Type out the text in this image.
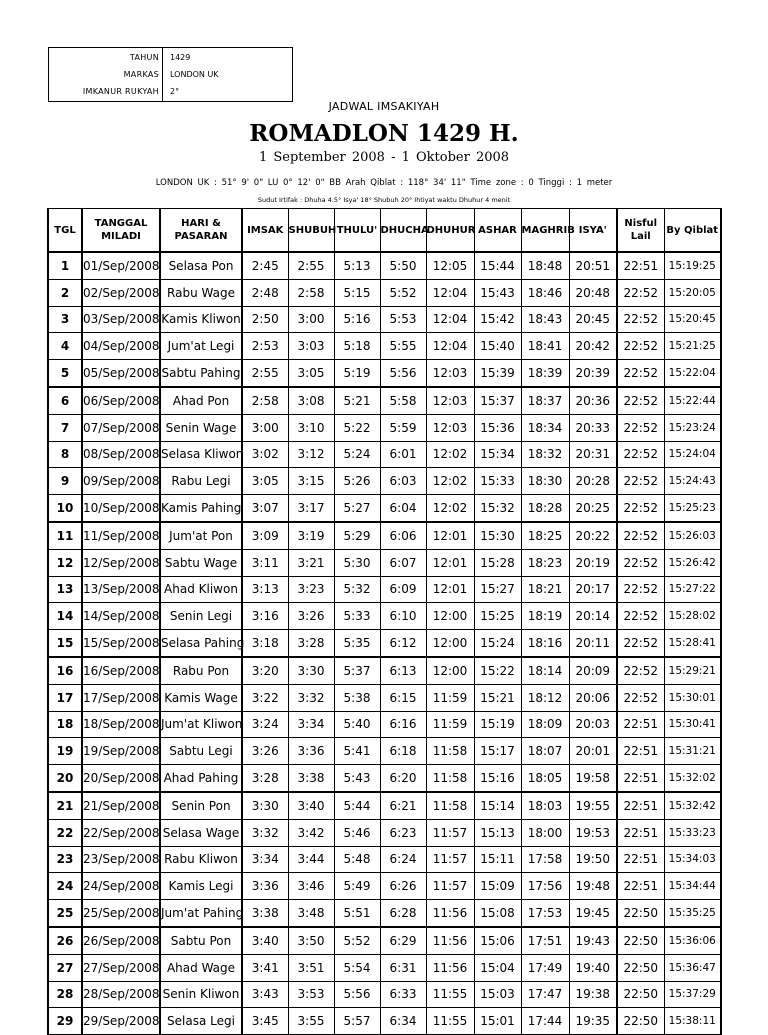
TAHUN 1429
MARKAS LONDON UK
IMKANUR RUKYAH 2°
JADWAL IMSAKIYAH
ROMADLON 1429 H.
1 September 2008 - 1 Oktober 2008
LONDON UK : 51° 9' 0" LU 0° 12' 0" BB Arah Qiblat : 118° 34' 11" Time zone : 0 Tinggi : 1 meter
Sudut Irtifak : Dhuha 4.5° Isya' 18° Shubuh 20° Ihtiyat waktu Dhuhur 4 menit
TGL	TANGGAL MILADI	HARI & PASARAN	IMSAK	SHUBUH	THULU'	DHUCHA	DHUHUR	ASHAR	MAGHRIB	ISYA'	Nisful Lail	By Qiblat
1	01/Sep/2008	Selasa Pon	2:45	2:55	5:13	5:50	12:05	15:44	18:48	20:51	22:51	15:19:25
2	02/Sep/2008	Rabu Wage	2:48	2:58	5:15	5:52	12:04	15:43	18:46	20:48	22:52	15:20:05
3	03/Sep/2008	Kamis Kliwon	2:50	3:00	5:16	5:53	12:04	15:42	18:43	20:45	22:52	15:20:45
4	04/Sep/2008	Jum'at Legi	2:53	3:03	5:18	5:55	12:04	15:40	18:41	20:42	22:52	15:21:25
5	05/Sep/2008	Sabtu Pahing	2:55	3:05	5:19	5:56	12:03	15:39	18:39	20:39	22:52	15:22:04
6	06/Sep/2008	Ahad Pon	2:58	3:08	5:21	5:58	12:03	15:37	18:37	20:36	22:52	15:22:44
7	07/Sep/2008	Senin Wage	3:00	3:10	5:22	5:59	12:03	15:36	18:34	20:33	22:52	15:23:24
8	08/Sep/2008	Selasa Kliwon	3:02	3:12	5:24	6:01	12:02	15:34	18:32	20:31	22:52	15:24:04
9	09/Sep/2008	Rabu Legi	3:05	3:15	5:26	6:03	12:02	15:33	18:30	20:28	22:52	15:24:43
10	10/Sep/2008	Kamis Pahing	3:07	3:17	5:27	6:04	12:02	15:32	18:28	20:25	22:52	15:25:23
11	11/Sep/2008	Jum'at Pon	3:09	3:19	5:29	6:06	12:01	15:30	18:25	20:22	22:52	15:26:03
12	12/Sep/2008	Sabtu Wage	3:11	3:21	5:30	6:07	12:01	15:28	18:23	20:19	22:52	15:26:42
13	13/Sep/2008	Ahad Kliwon	3:13	3:23	5:32	6:09	12:01	15:27	18:21	20:17	22:52	15:27:22
14	14/Sep/2008	Senin Legi	3:16	3:26	5:33	6:10	12:00	15:25	18:19	20:14	22:52	15:28:02
15	15/Sep/2008	Selasa Pahing	3:18	3:28	5:35	6:12	12:00	15:24	18:16	20:11	22:52	15:28:41
16	16/Sep/2008	Rabu Pon	3:20	3:30	5:37	6:13	12:00	15:22	18:14	20:09	22:52	15:29:21
17	17/Sep/2008	Kamis Wage	3:22	3:32	5:38	6:15	11:59	15:21	18:12	20:06	22:52	15:30:01
18	18/Sep/2008	Jum'at Kliwon	3:24	3:34	5:40	6:16	11:59	15:19	18:09	20:03	22:51	15:30:41
19	19/Sep/2008	Sabtu Legi	3:26	3:36	5:41	6:18	11:58	15:17	18:07	20:01	22:51	15:31:21
20	20/Sep/2008	Ahad Pahing	3:28	3:38	5:43	6:20	11:58	15:16	18:05	19:58	22:51	15:32:02
21	21/Sep/2008	Senin Pon	3:30	3:40	5:44	6:21	11:58	15:14	18:03	19:55	22:51	15:32:42
22	22/Sep/2008	Selasa Wage	3:32	3:42	5:46	6:23	11:57	15:13	18:00	19:53	22:51	15:33:23
23	23/Sep/2008	Rabu Kliwon	3:34	3:44	5:48	6:24	11:57	15:11	17:58	19:50	22:51	15:34:03
24	24/Sep/2008	Kamis Legi	3:36	3:46	5:49	6:26	11:57	15:09	17:56	19:48	22:51	15:34:44
25	25/Sep/2008	Jum'at Pahing	3:38	3:48	5:51	6:28	11:56	15:08	17:53	19:45	22:50	15:35:25
26	26/Sep/2008	Sabtu Pon	3:40	3:50	5:52	6:29	11:56	15:06	17:51	19:43	22:50	15:36:06
27	27/Sep/2008	Ahad Wage	3:41	3:51	5:54	6:31	11:56	15:04	17:49	19:40	22:50	15:36:47
28	28/Sep/2008	Senin Kliwon	3:43	3:53	5:56	6:33	11:55	15:03	17:47	19:38	22:50	15:37:29
29	29/Sep/2008	Selasa Legi	3:45	3:55	5:57	6:34	11:55	15:01	17:44	19:35	22:50	15:38:11
